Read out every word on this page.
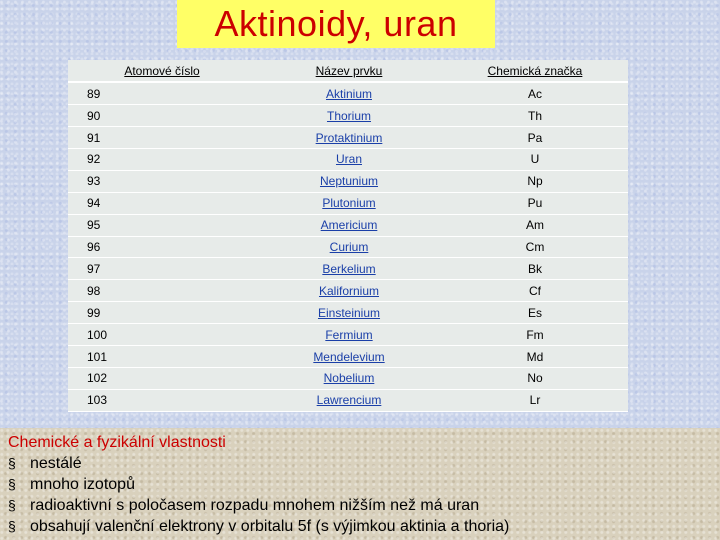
Aktinoidy, uran
Atomové číslo	Název prvku	Chemická značka
89	Aktinium	Ac
90	Thorium	Th
91	Protaktinium	Pa
92	Uran	U
93	Neptunium	Np
94	Plutonium	Pu
95	Americium	Am
96	Curium	Cm
97	Berkelium	Bk
98	Kalifornium	Cf
99	Einsteinium	Es
100	Fermium	Fm
101	Mendelevium	Md
102	Nobelium	No
103	Lawrencium	Lr
Chemické a fyzikální vlastnosti
§ nestálé
§ mnoho izotopů
§ radioaktivní s poločasem rozpadu mnohem nižším než má uran
§ obsahují valenční elektrony v orbitalu 5f (s výjimkou aktinia a thoria)
